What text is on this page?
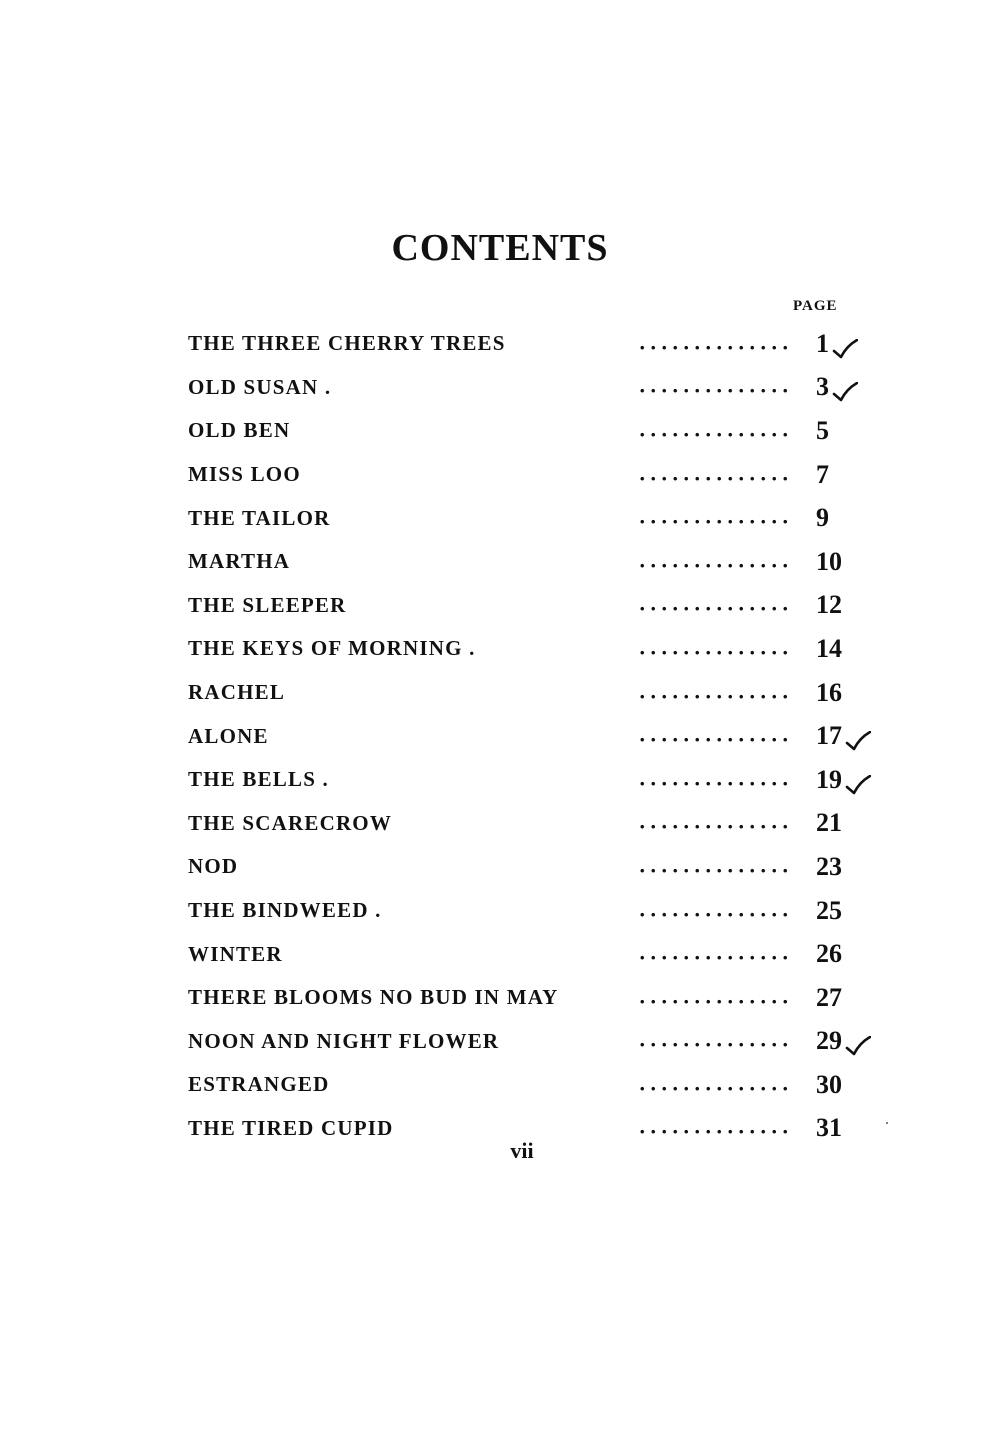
CONTENTS
PAGE
THE THREE CHERRY TREES	. . . . . . . . . . . . . . 1
OLD SUSAN .	. . . . . . . . . . . . . . 3
OLD BEN	. . . . . . . . . . . . . . 5
MISS LOO	. . . . . . . . . . . . . . 7
THE TAILOR	. . . . . . . . . . . . . . 9
MARTHA	. . . . . . . . . . . . . . 10
THE SLEEPER	. . . . . . . . . . . . . . 12
THE KEYS OF MORNING .	. . . . . . . . . . . . . . 14
RACHEL	. . . . . . . . . . . . . . 16
ALONE	. . . . . . . . . . . . . . 17
THE BELLS .	. . . . . . . . . . . . . . 19
THE SCARECROW	. . . . . . . . . . . . . . 21
NOD	. . . . . . . . . . . . . . 23
THE BINDWEED .	. . . . . . . . . . . . . . 25
WINTER	. . . . . . . . . . . . . . 26
THERE BLOOMS NO BUD IN MAY	. . . . . . . . . . . . . . 27
NOON AND NIGHT FLOWER	. . . . . . . . . . . . . . 29
ESTRANGED	. . . . . . . . . . . . . . 30
THE TIRED CUPID	. . . . . . . . . . . . . . 31
vii
